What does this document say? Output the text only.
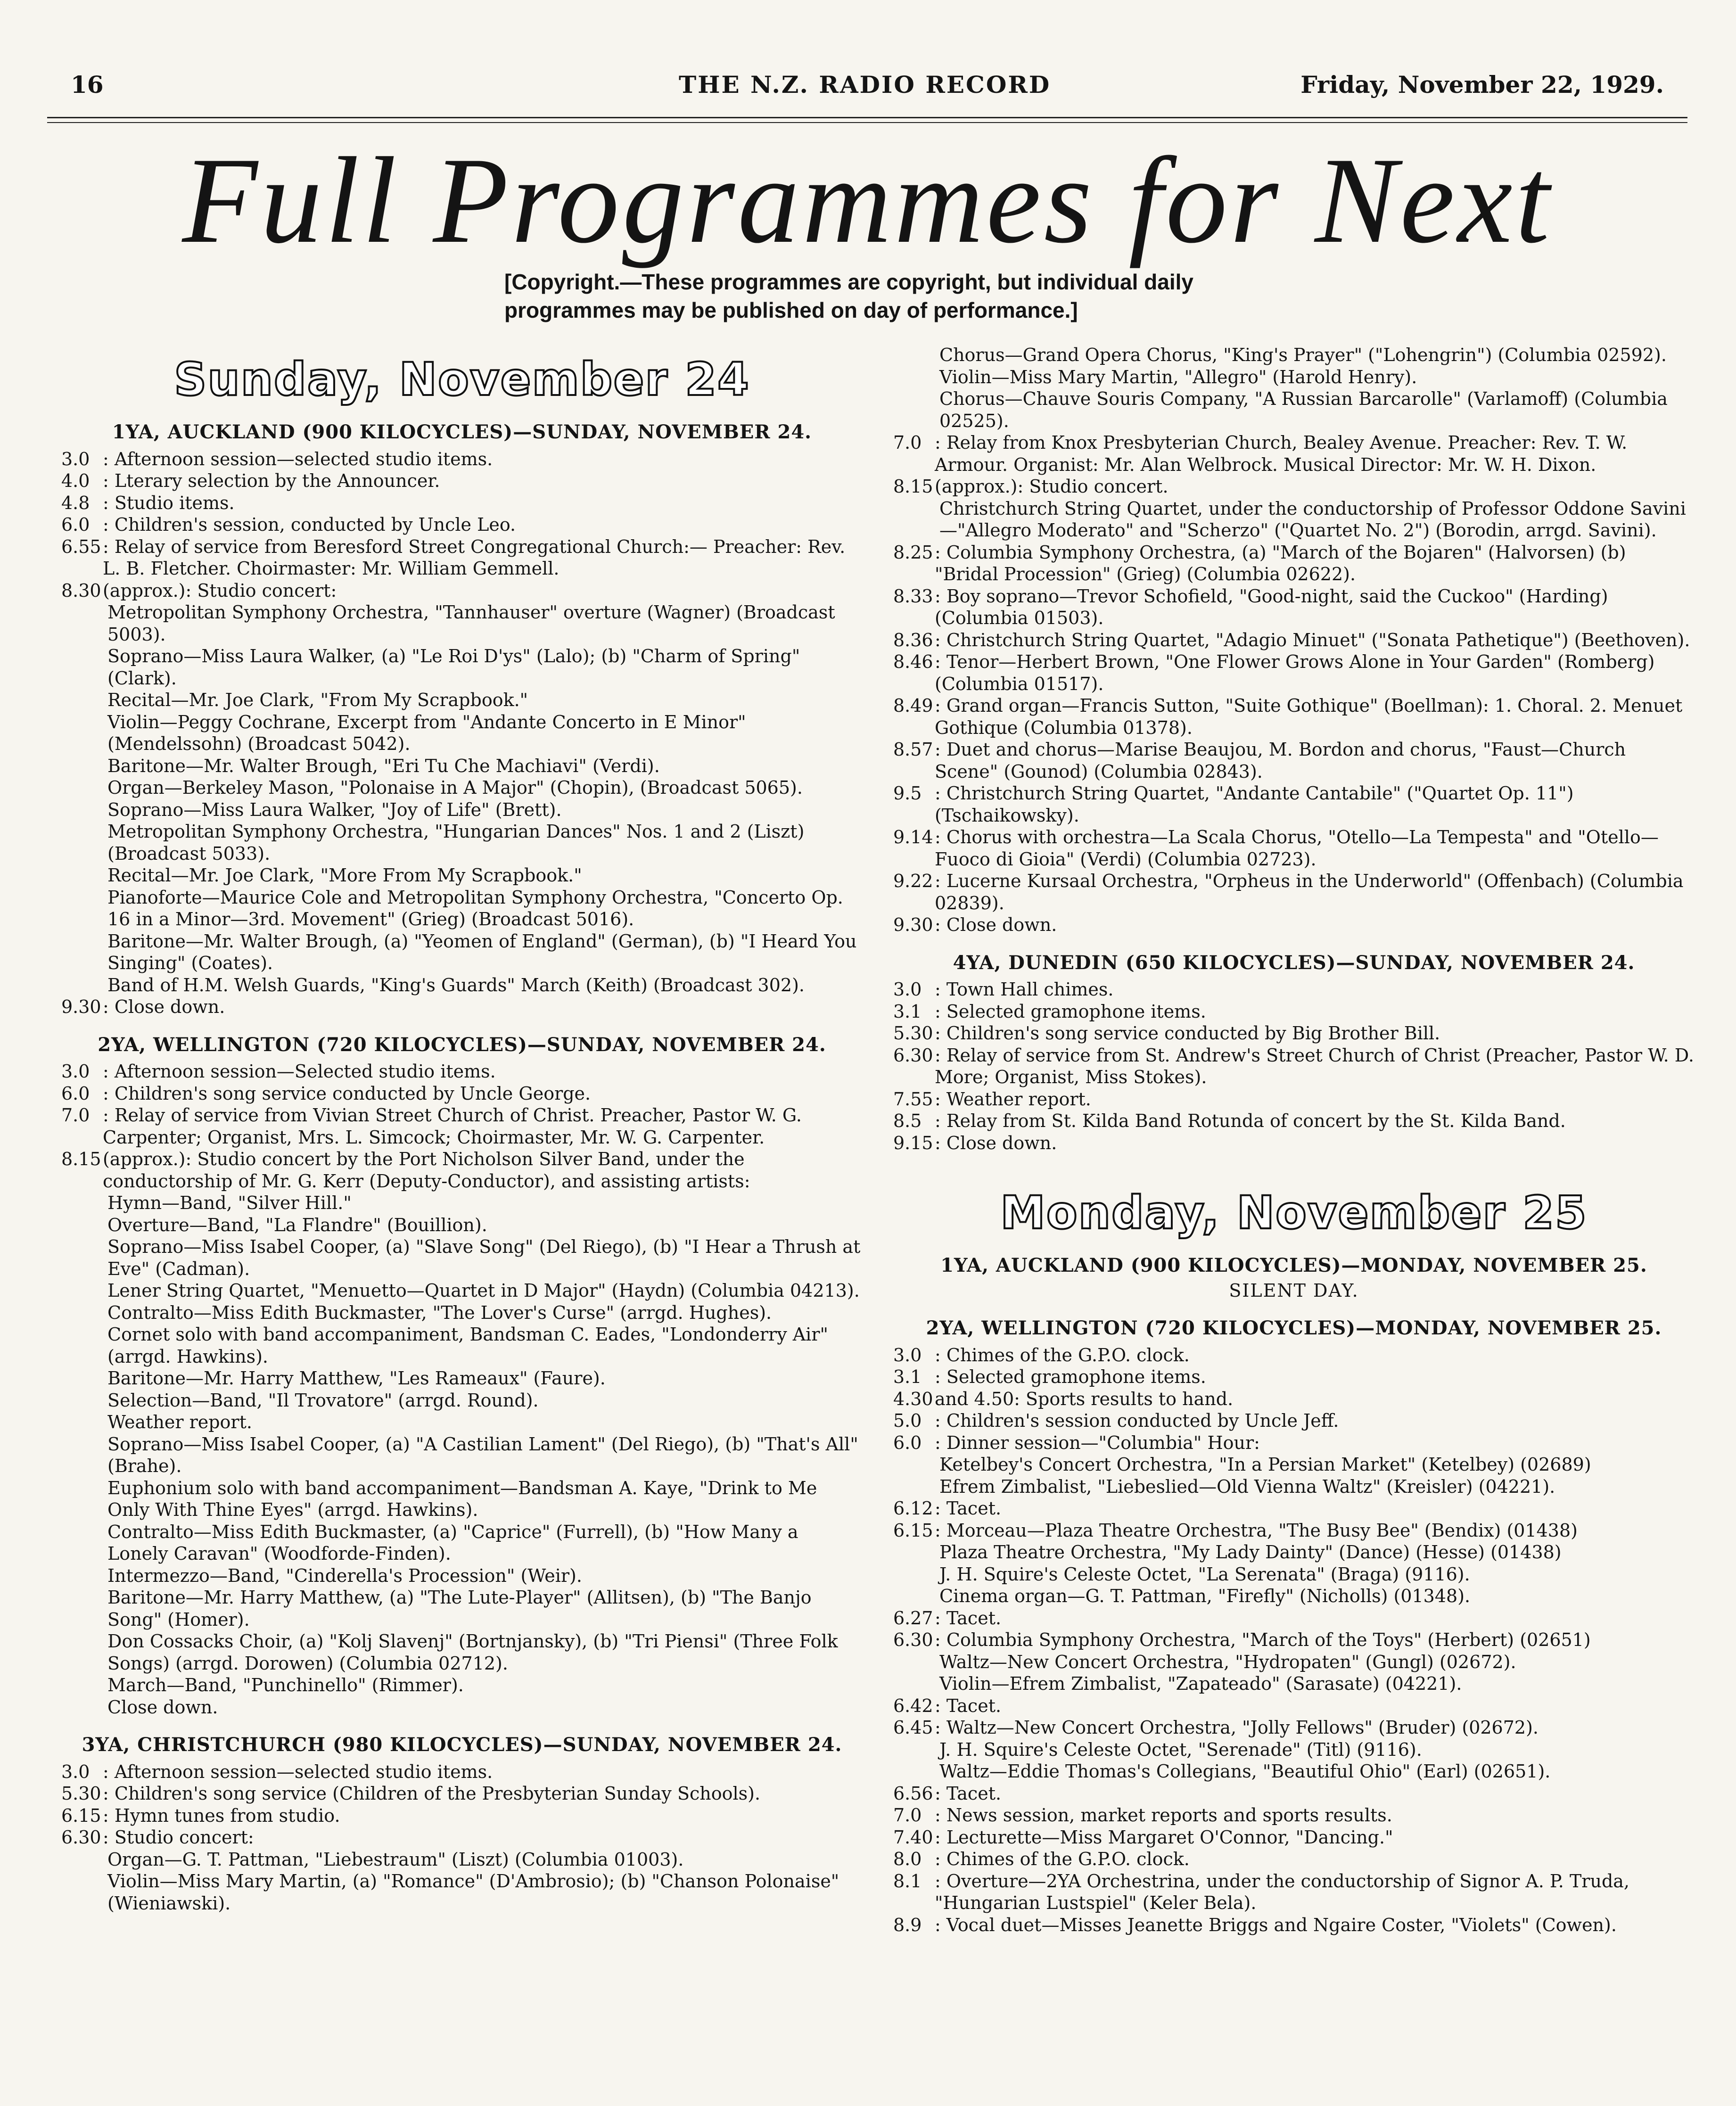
16	THE N.Z. RADIO RECORD	Friday, November 22, 1929.
Full Programmes for Next
[Copyright.—These programmes are copyright, but individual daily programmes may be published on day of performance.]
Sunday, November 24
1YA, AUCKLAND (900 KILOCYCLES)—SUNDAY, NOVEMBER 24.
3.0 : Afternoon session—selected studio items.
4.0 : Lterary selection by the Announcer.
4.8 : Studio items.
6.0 : Children's session, conducted by Uncle Leo.
6.55 : Relay of service from Beresford Street Congregational Church:— Preacher: Rev. L. B. Fletcher. Choirmaster: Mr. William Gemmell.
8.30 (approx.): Studio concert:
Metropolitan Symphony Orchestra, "Tannhauser" overture (Wagner) (Broadcast 5003).
Soprano—Miss Laura Walker, (a) "Le Roi D'ys" (Lalo); (b) "Charm of Spring" (Clark).
Recital—Mr. Joe Clark, "From My Scrapbook."
Violin—Peggy Cochrane, Excerpt from "Andante Concerto in E Minor" (Mendelssohn) (Broadcast 5042).
Baritone—Mr. Walter Brough, "Eri Tu Che Machiavi" (Verdi).
Organ—Berkeley Mason, "Polonaise in A Major" (Chopin), (Broadcast 5065).
Soprano—Miss Laura Walker, "Joy of Life" (Brett).
Metropolitan Symphony Orchestra, "Hungarian Dances" Nos. 1 and 2 (Liszt) (Broadcast 5033).
Recital—Mr. Joe Clark, "More From My Scrapbook."
Pianoforte—Maurice Cole and Metropolitan Symphony Orchestra, "Concerto Op. 16 in a Minor—3rd. Movement" (Grieg) (Broadcast 5016).
Baritone—Mr. Walter Brough, (a) "Yeomen of England" (German), (b) "I Heard You Singing" (Coates).
Band of H.M. Welsh Guards, "King's Guards" March (Keith) (Broadcast 302).
9.30 : Close down.
2YA, WELLINGTON (720 KILOCYCLES)—SUNDAY, NOVEMBER 24.
3.0 : Afternoon session—Selected studio items.
6.0 : Children's song service conducted by Uncle George.
7.0 : Relay of service from Vivian Street Church of Christ. Preacher, Pastor W. G. Carpenter; Organist, Mrs. L. Simcock; Choirmaster, Mr. W. G. Carpenter.
8.15 (approx.): Studio concert by the Port Nicholson Silver Band, under the conductorship of Mr. G. Kerr (Deputy-Conductor), and assisting artists:
Hymn—Band, "Silver Hill."
Overture—Band, "La Flandre" (Bouillion).
Soprano—Miss Isabel Cooper, (a) "Slave Song" (Del Riego), (b) "I Hear a Thrush at Eve" (Cadman).
Lener String Quartet, "Menuetto—Quartet in D Major" (Haydn) (Columbia 04213).
Contralto—Miss Edith Buckmaster, "The Lover's Curse" (arrgd. Hughes).
Cornet solo with band accompaniment, Bandsman C. Eades, "Londonderry Air" (arrgd. Hawkins).
Baritone—Mr. Harry Matthew, "Les Rameaux" (Faure).
Selection—Band, "Il Trovatore" (arrgd. Round).
Weather report.
Soprano—Miss Isabel Cooper, (a) "A Castilian Lament" (Del Riego), (b) "That's All" (Brahe).
Euphonium solo with band accompaniment—Bandsman A. Kaye, "Drink to Me Only With Thine Eyes" (arrgd. Hawkins).
Contralto—Miss Edith Buckmaster, (a) "Caprice" (Furrell), (b) "How Many a Lonely Caravan" (Woodforde-Finden).
Intermezzo—Band, "Cinderella's Procession" (Weir).
Baritone—Mr. Harry Matthew, (a) "The Lute-Player" (Allitsen), (b) "The Banjo Song" (Homer).
Don Cossacks Choir, (a) "Kolj Slavenj" (Bortnjansky), (b) "Tri Piensi" (Three Folk Songs) (arrgd. Dorowen) (Columbia 02712).
March—Band, "Punchinello" (Rimmer).
Close down.
3YA, CHRISTCHURCH (980 KILOCYCLES)—SUNDAY, NOVEMBER 24.
3.0 : Afternoon session—selected studio items.
5.30 : Children's song service (Children of the Presbyterian Sunday Schools).
6.15 : Hymn tunes from studio.
6.30 : Studio concert:
Organ—G. T. Pattman, "Liebestraum" (Liszt) (Columbia 01003).
Violin—Miss Mary Martin, (a) "Romance" (D'Ambrosio); (b) "Chanson Polonaise" (Wieniawski).
Chorus—Grand Opera Chorus, "King's Prayer" ("Lohengrin") (Columbia 02592).
Violin—Miss Mary Martin, "Allegro" (Harold Henry).
Chorus—Chauve Souris Company, "A Russian Barcarolle" (Varlamoff) (Columbia 02525).
7.0 : Relay from Knox Presbyterian Church, Bealey Avenue. Preacher: Rev. T. W. Armour. Organist: Mr. Alan Welbrock. Musical Director: Mr. W. H. Dixon.
8.15 (approx.): Studio concert.
Christchurch String Quartet, under the conductorship of Professor Oddone Savini—"Allegro Moderato" and "Scherzo" ("Quartet No. 2") (Borodin, arrgd. Savini).
8.25 : Columbia Symphony Orchestra, (a) "March of the Bojaren" (Halvorsen) (b) "Bridal Procession" (Grieg) (Columbia 02622).
8.33 : Boy soprano—Trevor Schofield, "Good-night, said the Cuckoo" (Harding) (Columbia 01503).
8.36 : Christchurch String Quartet, "Adagio Minuet" ("Sonata Pathetique") (Beethoven).
8.46 : Tenor—Herbert Brown, "One Flower Grows Alone in Your Garden" (Romberg) (Columbia 01517).
8.49 : Grand organ—Francis Sutton, "Suite Gothique" (Boellman): 1. Choral. 2. Menuet Gothique (Columbia 01378).
8.57 : Duet and chorus—Marise Beaujou, M. Bordon and chorus, "Faust—Church Scene" (Gounod) (Columbia 02843).
9.5 : Christchurch String Quartet, "Andante Cantabile" ("Quartet Op. 11") (Tschaikowsky).
9.14 : Chorus with orchestra—La Scala Chorus, "Otello—La Tempesta" and "Otello—Fuoco di Gioia" (Verdi) (Columbia 02723).
9.22 : Lucerne Kursaal Orchestra, "Orpheus in the Underworld" (Offenbach) (Columbia 02839).
9.30 : Close down.
4YA, DUNEDIN (650 KILOCYCLES)—SUNDAY, NOVEMBER 24.
3.0 : Town Hall chimes.
3.1 : Selected gramophone items.
5.30 : Children's song service conducted by Big Brother Bill.
6.30 : Relay of service from St. Andrew's Street Church of Christ (Preacher, Pastor W. D. More; Organist, Miss Stokes).
7.55 : Weather report.
8.5 : Relay from St. Kilda Band Rotunda of concert by the St. Kilda Band.
9.15 : Close down.
Monday, November 25
1YA, AUCKLAND (900 KILOCYCLES)—MONDAY, NOVEMBER 25.
SILENT DAY.
2YA, WELLINGTON (720 KILOCYCLES)—MONDAY, NOVEMBER 25.
3.0 : Chimes of the G.P.O. clock.
3.1 : Selected gramophone items.
4.30 and 4.50: Sports results to hand.
5.0 : Children's session conducted by Uncle Jeff.
6.0 : Dinner session—"Columbia" Hour:
Ketelbey's Concert Orchestra, "In a Persian Market" (Ketelbey) (02689)
Efrem Zimbalist, "Liebeslied—Old Vienna Waltz" (Kreisler) (04221).
6.12 : Tacet.
6.15 : Morceau—Plaza Theatre Orchestra, "The Busy Bee" (Bendix) (01438)
Plaza Theatre Orchestra, "My Lady Dainty" (Dance) (Hesse) (01438)
J. H. Squire's Celeste Octet, "La Serenata" (Braga) (9116).
Cinema organ—G. T. Pattman, "Firefly" (Nicholls) (01348).
6.27 : Tacet.
6.30 : Columbia Symphony Orchestra, "March of the Toys" (Herbert) (02651)
Waltz—New Concert Orchestra, "Hydropaten" (Gungl) (02672).
Violin—Efrem Zimbalist, "Zapateado" (Sarasate) (04221).
6.42 : Tacet.
6.45 : Waltz—New Concert Orchestra, "Jolly Fellows" (Bruder) (02672).
J. H. Squire's Celeste Octet, "Serenade" (Titl) (9116).
Waltz—Eddie Thomas's Collegians, "Beautiful Ohio" (Earl) (02651).
6.56 : Tacet.
7.0 : News session, market reports and sports results.
7.40 : Lecturette—Miss Margaret O'Connor, "Dancing."
8.0 : Chimes of the G.P.O. clock.
8.1 : Overture—2YA Orchestrina, under the conductorship of Signor A. P. Truda, "Hungarian Lustspiel" (Keler Bela).
8.9 : Vocal duet—Misses Jeanette Briggs and Ngaire Coster, "Violets" (Cowen).
